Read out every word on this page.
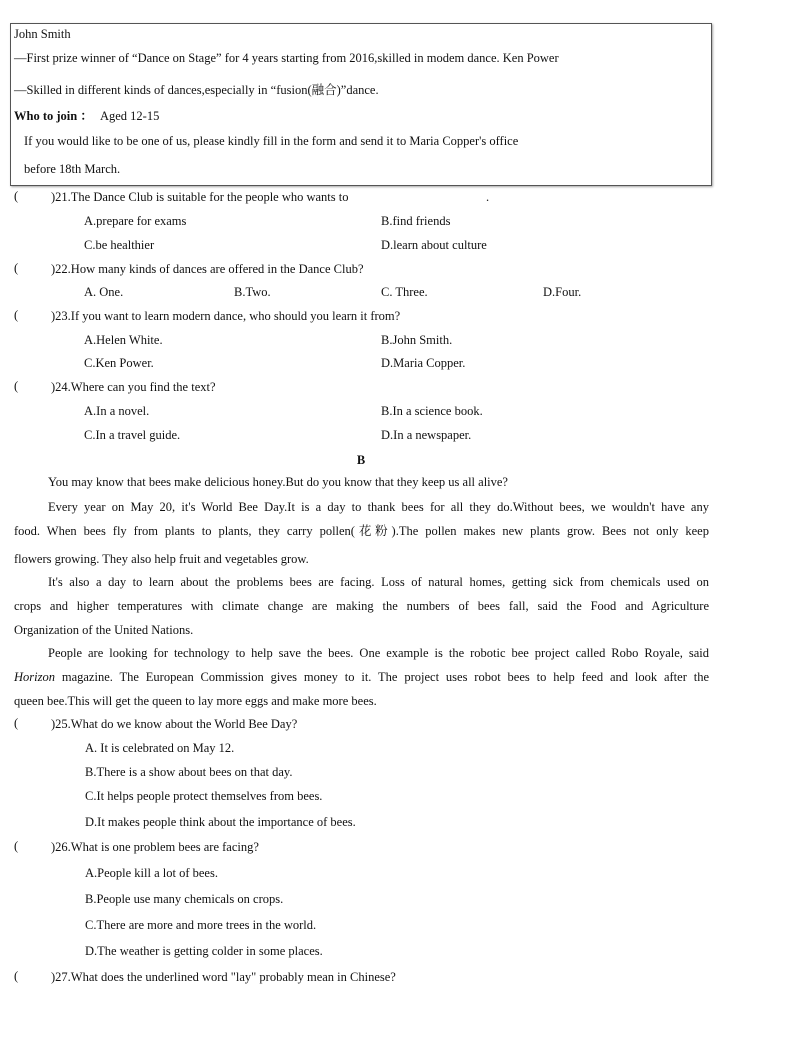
John Smith
—First prize winner of “Dance on Stage” for 4 years starting from 2016,skilled in modem dance. Ken Power
—Skilled in different kinds of dances,especially in “fusion(融合)”dance.
Who to join ： Aged 12-15
If you would like to be one of us, please kindly fill in the form and send it to Maria Copper's office
before 18th March.
(	)21.The Dance Club is suitable for the people who wants to	.
A.prepare for exams	B.find friends
C.be healthier	D.learn about culture
(	)22.How many kinds of dances are offered in the Dance Club?
A. One.	B.Two.	C. Three.	D.Four.
(	)23.If you want to learn modern dance, who should you learn it from?
A.Helen White.	B.John Smith.
C.Ken Power.	D.Maria Copper.
(	)24.Where can you find the text?
A.In a novel.	B.In a science book.
C.In a travel guide.	D.In a newspaper.
B
You may know that bees make delicious honey.But do you know that they keep us all alive?
Every year on May 20, it's World Bee Day.It is a day to thank bees for all they do.Without bees, we wouldn't have any
food. When bees fly from plants to plants, they carry pollen(花粉).The pollen makes new plants grow. Bees not only keep
flowers growing. They also help fruit and vegetables grow.
It's also a day to learn about the problems bees are facing. Loss of natural homes, getting sick from chemicals used on
crops and higher temperatures with climate change are making the numbers of bees fall, said the Food and Agriculture
Organization of the United Nations.
People are looking for technology to help save the bees. One example is the robotic bee project called Robo Royale, said
Horizon magazine. The European Commission gives money to it. The project uses robot bees to help feed and look after the
queen bee.This will get the queen to lay more eggs and make more bees.
(	)25.What do we know about the World Bee Day?
A. It is celebrated on May 12.
B.There is a show about bees on that day.
C.It helps people protect themselves from bees.
D.It makes people think about the importance of bees.
(	)26.What is one problem bees are facing?
A.People kill a lot of bees.
B.People use many chemicals on crops.
C.There are more and more trees in the world.
D.The weather is getting colder in some places.
(	)27.What does the underlined word "lay" probably mean in Chinese?
